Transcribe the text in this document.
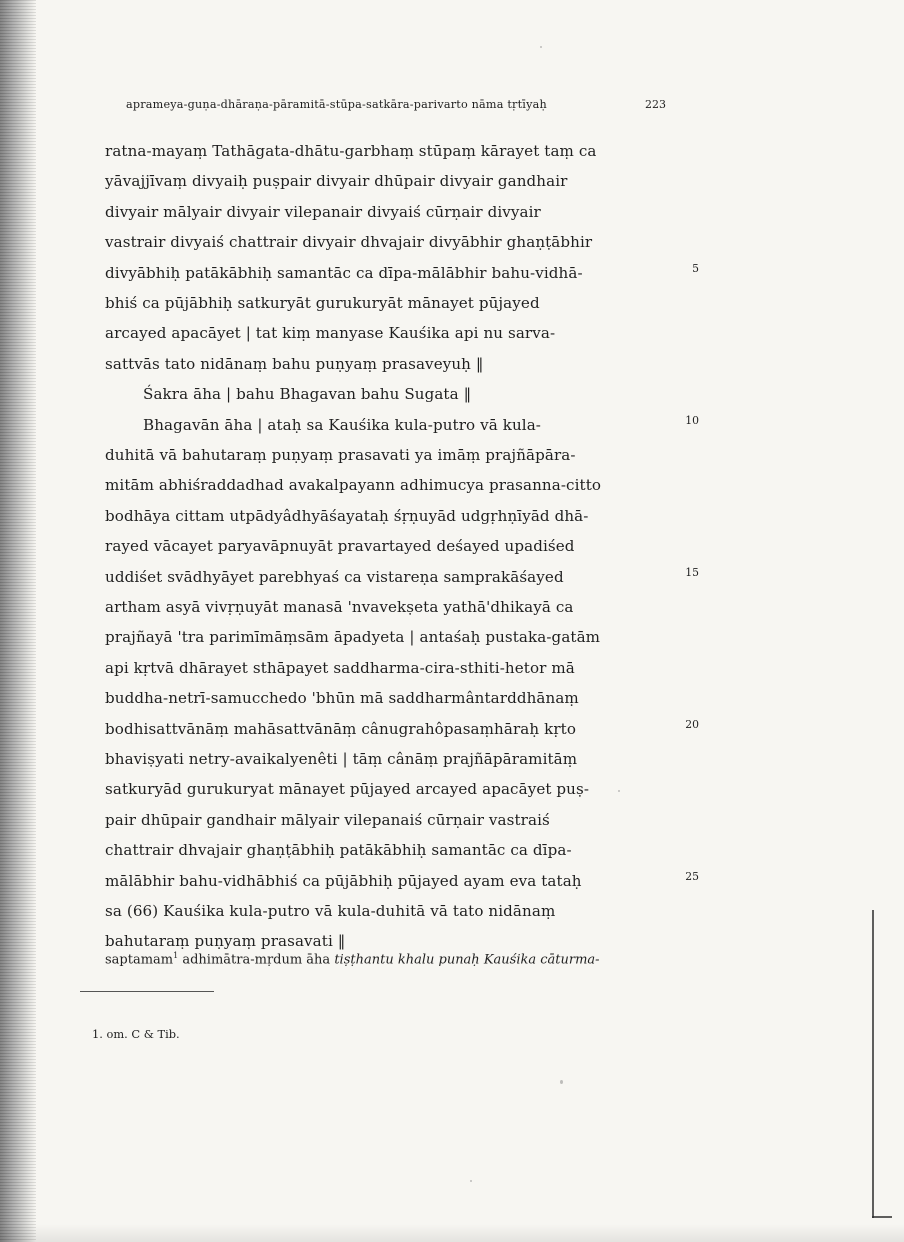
aprameya-guṇa-dhāraṇa-pāramitā-stūpa-satkāra-parivarto nāma tṛtīyaḥ	223
ratna-mayaṃ Tathāgata-dhātu-garbhaṃ stūpaṃ kārayet taṃ ca
yāvajjīvaṃ divyaiḥ puṣpair divyair dhūpair divyair gandhair
divyair mālyair divyair vilepanair divyaiś cūrṇair divyair
vastrair divyaiś chattrair divyair dhvajair divyābhir ghaṇṭābhir
divyābhiḥ patākābhiḥ samantāc ca dīpa-mālābhir bahu-vidhā-
bhiś ca pūjābhiḥ satkuryāt gurukuryāt mānayet pūjayed
arcayed apacāyet | tat kiṃ manyase Kauśika api nu sarva-
sattvās tato nidānaṃ bahu puṇyaṃ prasaveyuḥ ‖
Śakra āha | bahu Bhagavan bahu Sugata ‖
Bhagavān āha | ataḥ sa Kauśika kula-putro vā kula-
duhitā vā bahutaraṃ puṇyaṃ prasavati ya imāṃ prajñāpāra-
mitām abhiśraddadhad avakalpayann adhimucya prasanna-citto
bodhāya cittam utpādyâdhyāśayataḥ śṛṇuyād udgṛhṇīyād dhā-
rayed vācayet paryavāpnuyāt pravartayed deśayed upadiśed
uddiśet svādhyāyet parebhyaś ca vistareṇa samprakāśayed
artham asyā vivṛṇuyāt manasā 'nvavekṣeta yathā'dhikayā ca
prajñayā 'tra parimīmāṃsām āpadyeta | antaśaḥ pustaka-gatām
api kṛtvā dhārayet sthāpayet saddharma-cira-sthiti-hetor mā
buddha-netrī-samucchedo 'bhūn mā saddharmântarddhānaṃ
bodhisattvānāṃ mahāsattvānāṃ cânugrahôpasaṃhāraḥ kṛto
bhaviṣyati netry-avaikalyenêti | tāṃ cânāṃ prajñāpāramitāṃ
satkuryād gurukuryat mānayet pūjayed arcayed apacāyet puṣ-
pair dhūpair gandhair mālyair vilepanaiś cūrṇair vastraiś
chattrair dhvajair ghaṇṭābhiḥ patākābhiḥ samantāc ca dīpa-
mālābhir bahu-vidhābhiś ca pūjābhiḥ pūjayed ayam eva tataḥ
sa (66) Kauśika kula-putro vā kula-duhitā vā tato nidānaṃ
bahutaraṃ puṇyaṃ prasavati ‖
5
10
15
20
25
saptamam$^1$ adhimātra-mṛdum āha tiṣṭhantu khalu punaḥ Kauśika cāturma-
1. om. C & Tib.
